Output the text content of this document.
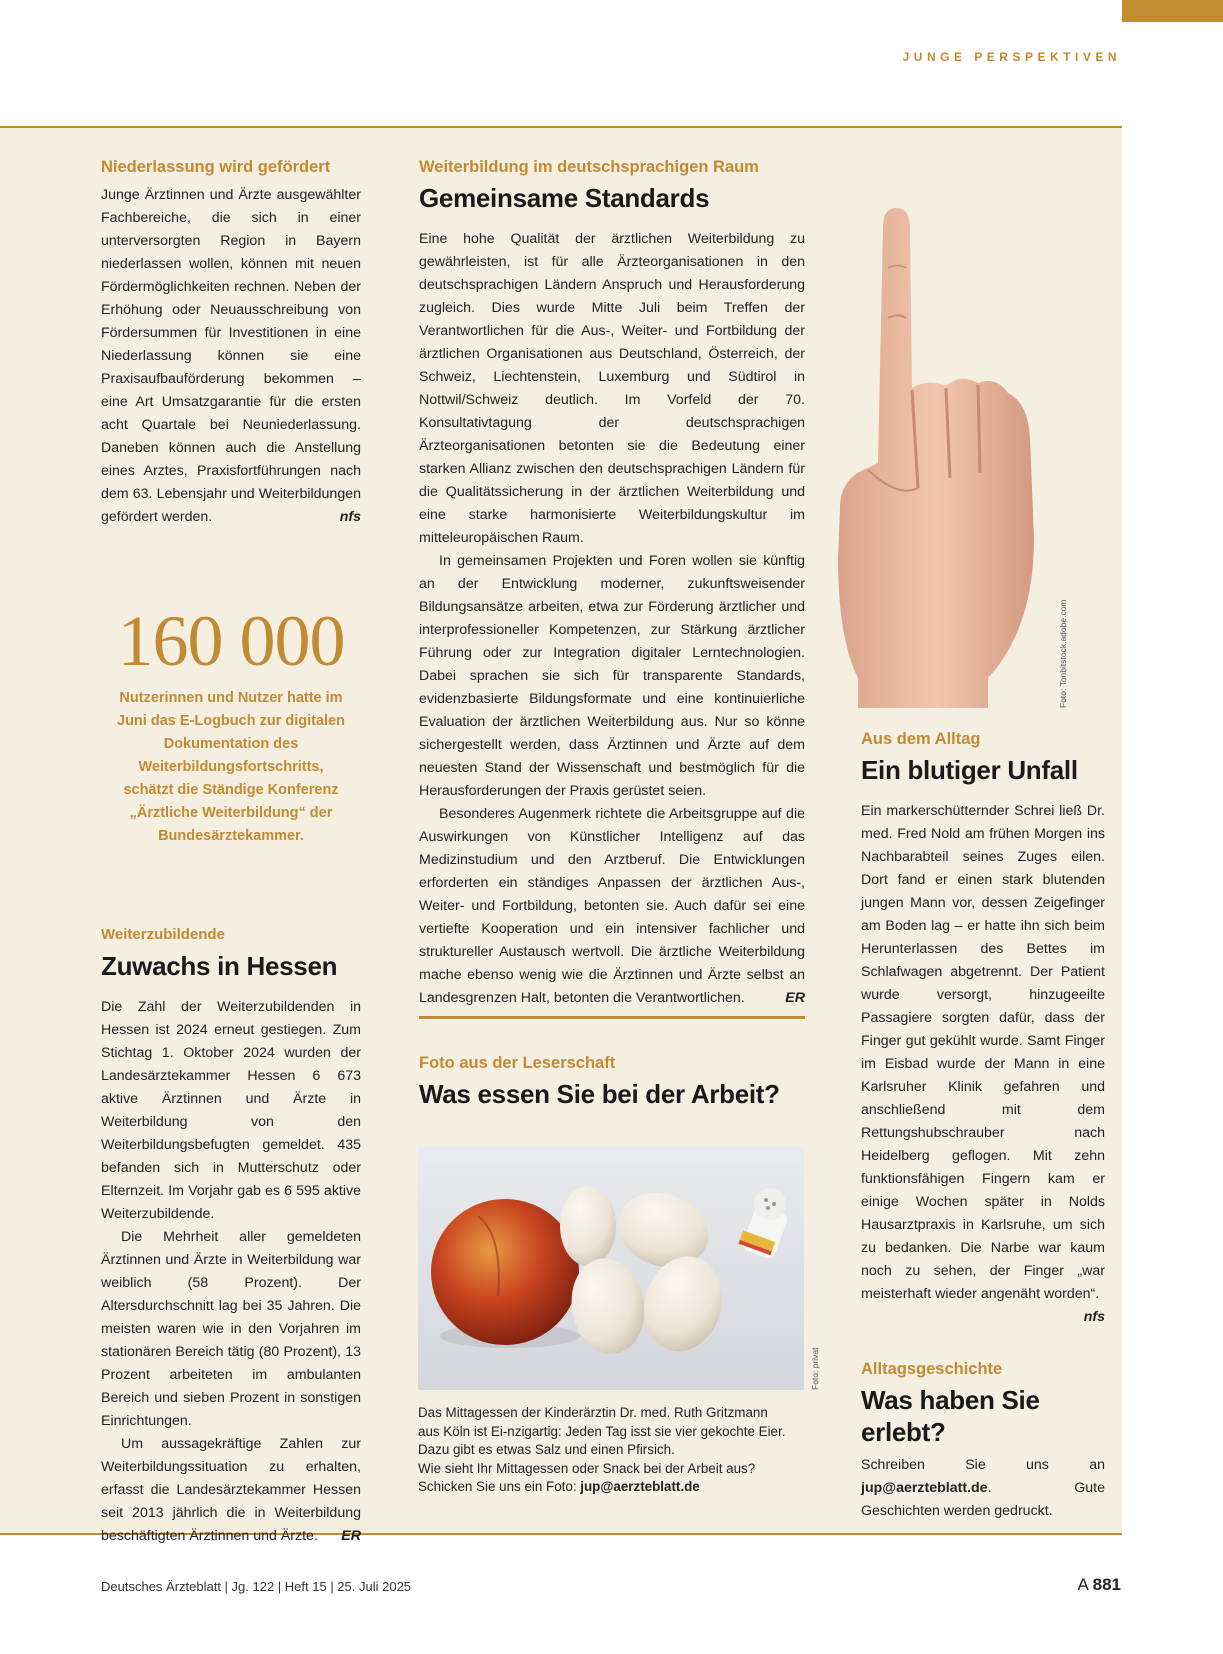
JUNGE PERSPEKTIVEN
Niederlassung wird gefördert

Junge Ärztinnen und Ärzte ausgewählter Fachbereiche, die sich in einer unterversorgten Region in Bayern niederlassen wollen, können mit neuen Fördermöglichkeiten rechnen. Neben der Erhöhung oder Neuausschreibung von Fördersummen für Investitionen in eine Niederlassung können sie eine Praxisaufbauförderung bekommen – eine Art Umsatzgarantie für die ersten acht Quartale bei Neuniederlassung. Daneben können auch die Anstellung eines Arztes, Praxisfortführungen nach dem 63. Lebensjahr und Weiterbildungen gefördert werden.	nfs

160 000
Nutzerinnen und Nutzer hatte im Juni das E-Logbuch zur digitalen Dokumentation des Weiterbildungsfortschritts, schätzt die Ständige Konferenz „Ärztliche Weiterbildung“ der Bundesärztekammer.
Weiterzubildende
Zuwachs in Hessen

Die Zahl der Weiterzubildenden in Hessen ist 2024 erneut gestiegen. Zum Stichtag 1. Oktober 2024 wurden der Landesärztekammer Hessen 6 673 aktive Ärztinnen und Ärzte in Weiterbildung von den Weiterbildungsbefugten gemeldet. 435 befanden sich in Mutterschutz oder Elternzeit. Im Vorjahr gab es 6 595 aktive Weiterzubildende.

Die Mehrheit aller gemeldeten Ärztinnen und Ärzte in Weiterbildung war weiblich (58 Prozent). Der Altersdurchschnitt lag bei 35 Jahren. Die meisten waren wie in den Vorjahren im stationären Bereich tätig (80 Prozent), 13 Prozent arbeiteten im ambulanten Bereich und sieben Prozent in sonstigen Einrichtungen.

Um aussagekräftige Zahlen zur Weiterbildungssituation zu erhalten, erfasst die Landesärztekammer Hessen seit 2013 jährlich die in Weiterbildung beschäftigten Ärztinnen und Ärzte.	ER

Weiterbildung im deutschsprachigen Raum
Gemeinsame Standards

Eine hohe Qualität der ärztlichen Weiterbildung zu gewährleisten, ist für alle Ärzteorganisationen in den deutschsprachigen Ländern Anspruch und Herausforderung zugleich. Dies wurde Mitte Juli beim Treffen der Verantwortlichen für die Aus-, Weiter- und Fortbildung der ärztlichen Organisationen aus Deutschland, Österreich, der Schweiz, Liechtenstein, Luxemburg und Südtirol in Nottwil/Schweiz deutlich. Im Vorfeld der 70. Konsultativtagung der deutschsprachigen Ärzteorganisationen betonten sie die Bedeutung einer starken Allianz zwischen den deutschsprachigen Ländern für die Qualitätssicherung in der ärztlichen Weiterbildung und eine starke harmonisierte Weiterbildungskultur im mitteleuropäischen Raum.

In gemeinsamen Projekten und Foren wollen sie künftig an der Entwicklung moderner, zukunftsweisender Bildungsansätze arbeiten, etwa zur Förderung ärztlicher und interprofessioneller Kompetenzen, zur Stärkung ärztlicher Führung oder zur Integration digitaler Lerntechnologien. Dabei sprachen sie sich für transparente Standards, evidenzbasierte Bildungsformate und eine kontinuierliche Evaluation der ärztlichen Weiterbildung aus. Nur so könne sichergestellt werden, dass Ärztinnen und Ärzte auf dem neuesten Stand der Wissenschaft und bestmöglich für die Herausforderungen der Praxis gerüstet seien.

Besonderes Augenmerk richtete die Arbeitsgruppe auf die Auswirkungen von Künstlicher Intelligenz auf das Medizinstudium und den Arztberuf. Die Entwicklungen erforderten ein ständiges Anpassen der ärztlichen Aus-, Weiter- und Fortbildung, betonten sie. Auch dafür sei eine vertiefte Kooperation und ein intensiver fachlicher und struktureller Austausch wertvoll. Die ärztliche Weiterbildung mache ebenso wenig wie die Ärztinnen und Ärzte selbst an Landesgrenzen Halt, betonten die Verantwortlichen.	ER

Foto aus der Leserschaft
Was essen Sie bei der Arbeit?
Foto: privat

Das Mittagessen der Kinderärztin Dr. med. Ruth Gritzmann

aus Köln ist Ei-nzigartig: Jeden Tag isst sie vier gekochte Eier.

Dazu gibt es etwas Salz und einen Pfirsich.

Wie sieht Ihr Mittagessen oder Snack bei der Arbeit aus?

Schicken Sie uns ein Foto: jup@aerzteblatt.de

Foto: Tonbitstock.adobe.com
Aus dem Alltag
Ein blutiger Unfall

Ein markerschütternder Schrei ließ Dr. med. Fred Nold am frühen Morgen ins Nachbarabteil seines Zuges eilen. Dort fand er einen stark blutenden jungen Mann vor, dessen Zeigefinger am Boden lag – er hatte ihn sich beim Herunterlassen des Bettes im Schlafwagen abgetrennt. Der Patient wurde versorgt, hinzugeeilte Passagiere sorgten dafür, dass der Finger gut gekühlt wurde. Samt Finger im Eisbad wurde der Mann in eine Karlsruher Klinik gefahren und anschließend mit dem Rettungshubschrauber nach Heidelberg geflogen. Mit zehn funktionsfähigen Fingern kam er einige Wochen später in Nolds Hausarztpraxis in Karlsruhe, um sich zu bedanken. Die Narbe war kaum noch zu sehen, der Finger „war meisterhaft wieder angenäht worden“.
nfs

Alltagsgeschichte
Was haben Sie erlebt?

Schreiben Sie uns an jup@aerzteblatt.de. Gute Geschichten werden gedruckt.

Deutsches Ärzteblatt | Jg. 122 | Heft 15 | 25. Juli 2025	A 881
